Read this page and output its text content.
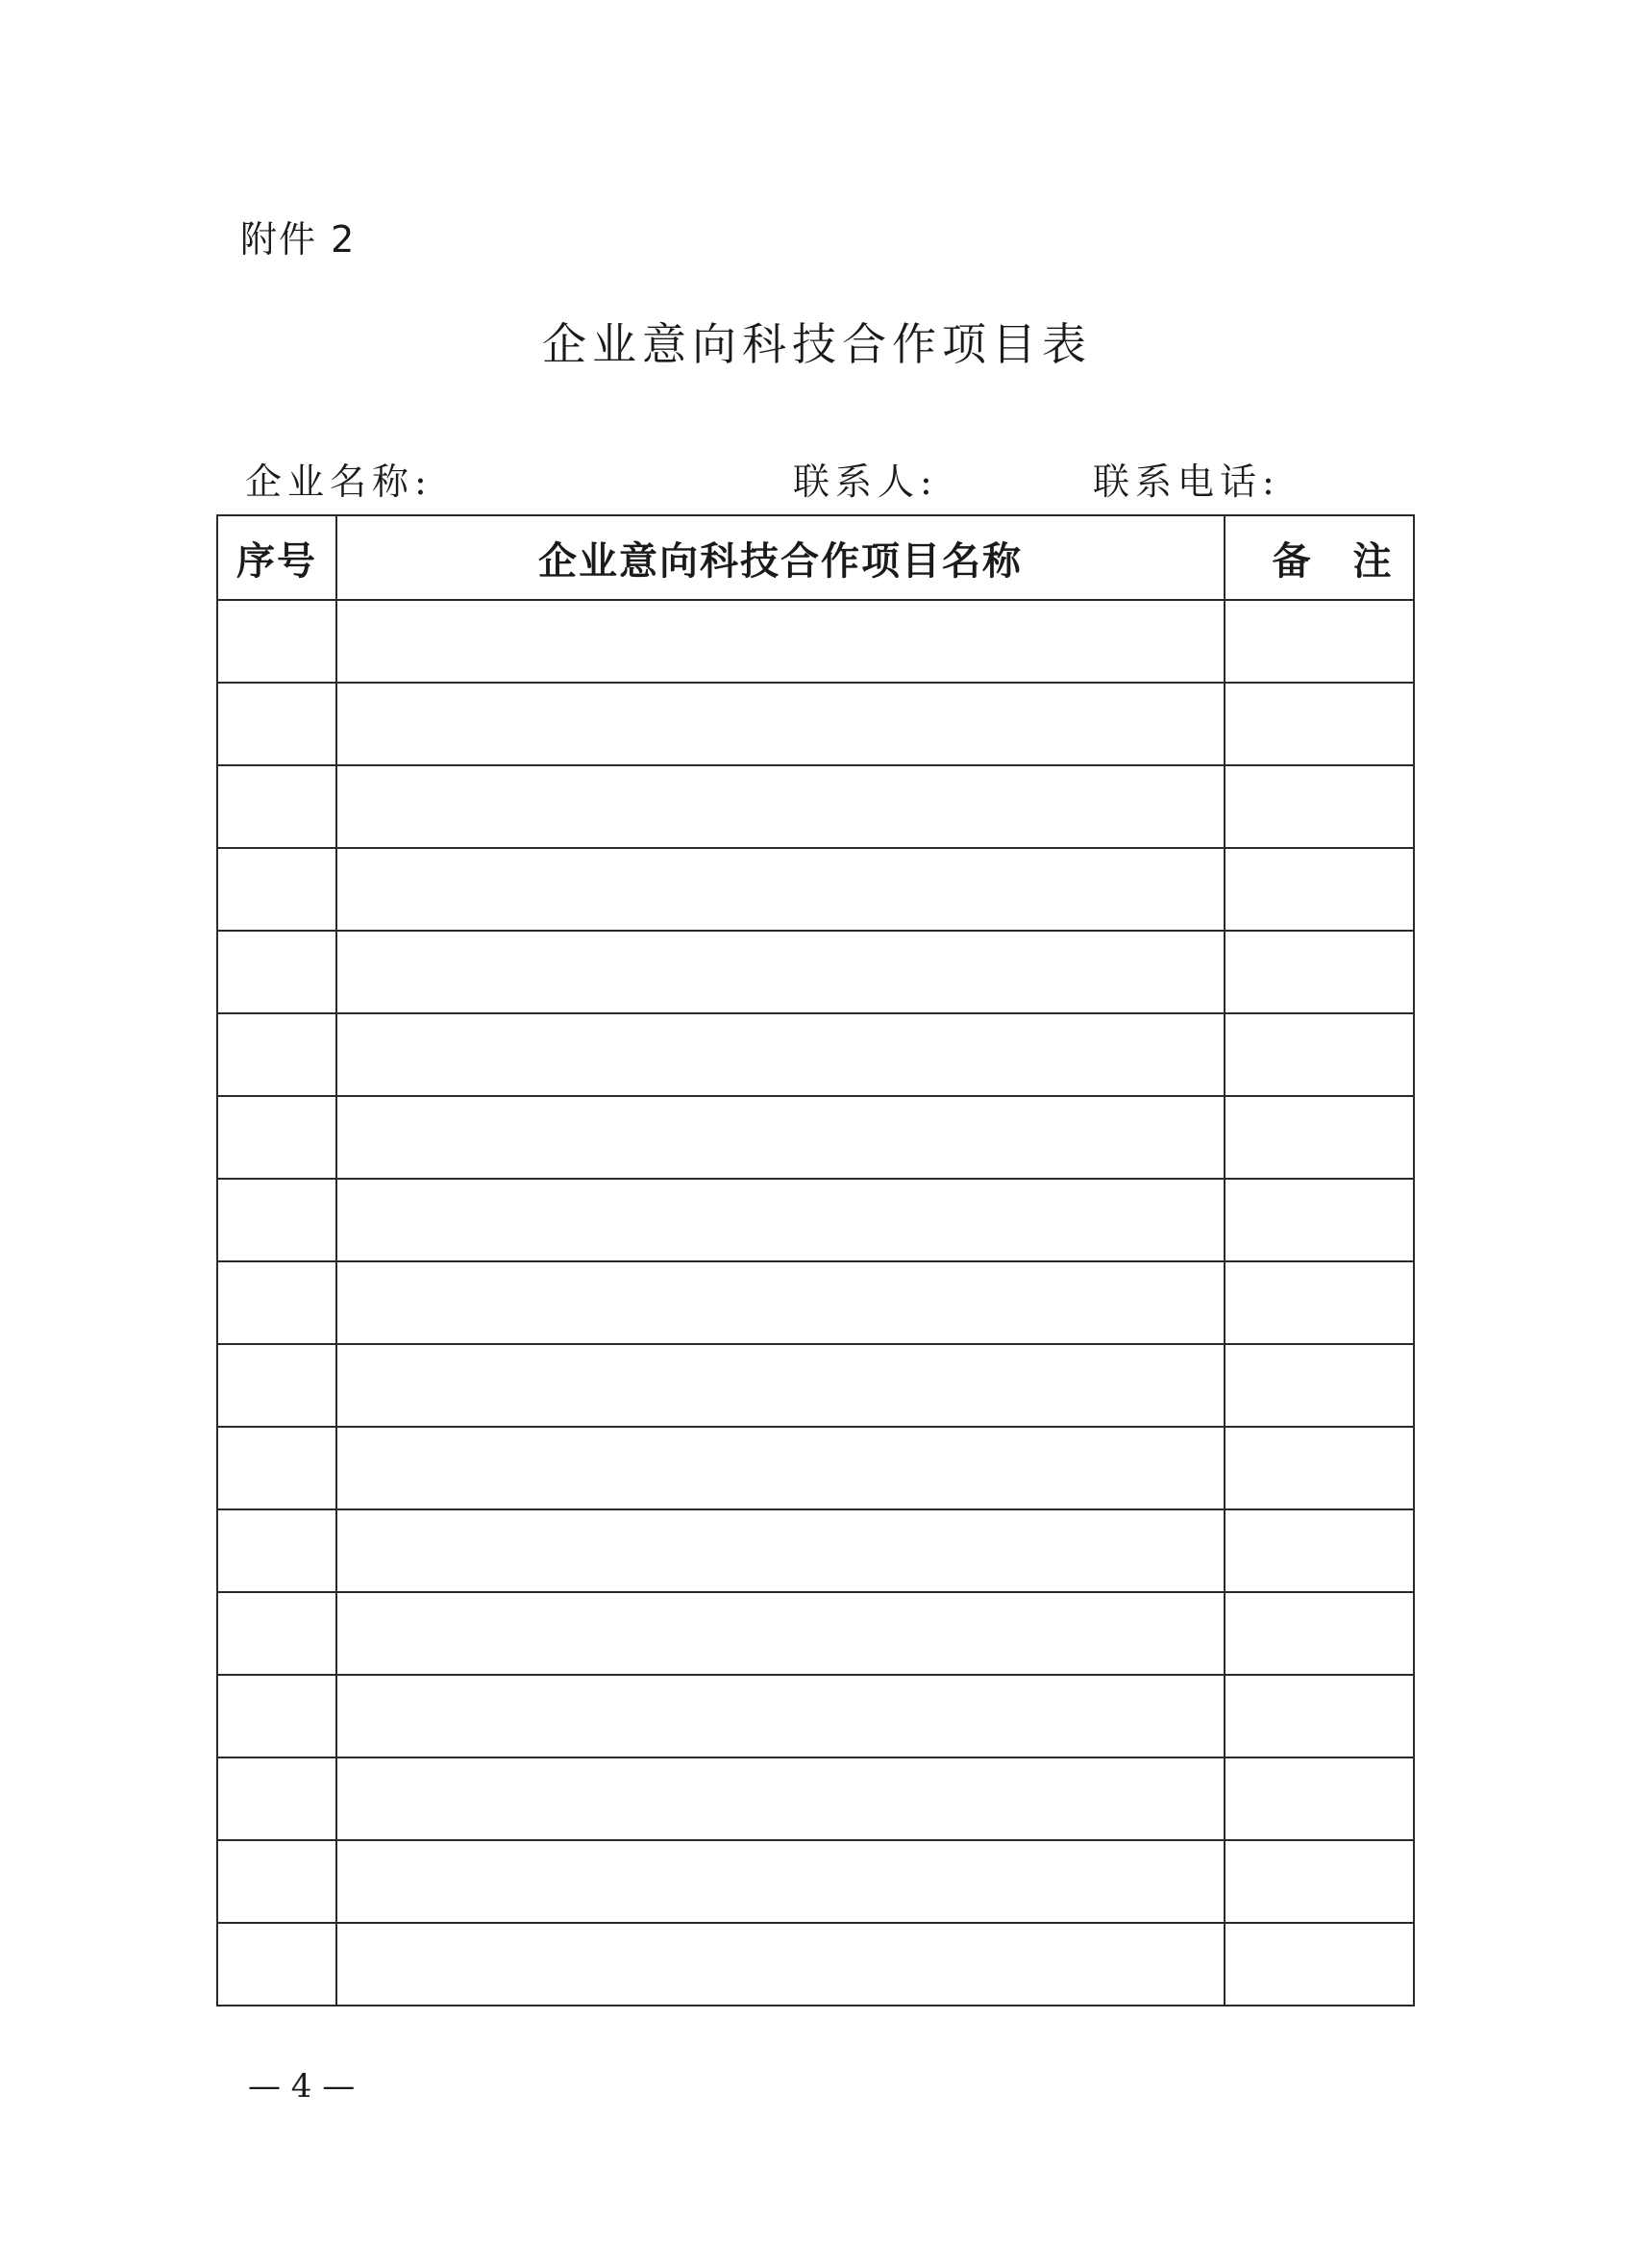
附件 2
企业意向科技合作项目表
企业名称:	联系人:	联系电话:
序号	企业意向科技合作项目名称	备　注

— 4 —
